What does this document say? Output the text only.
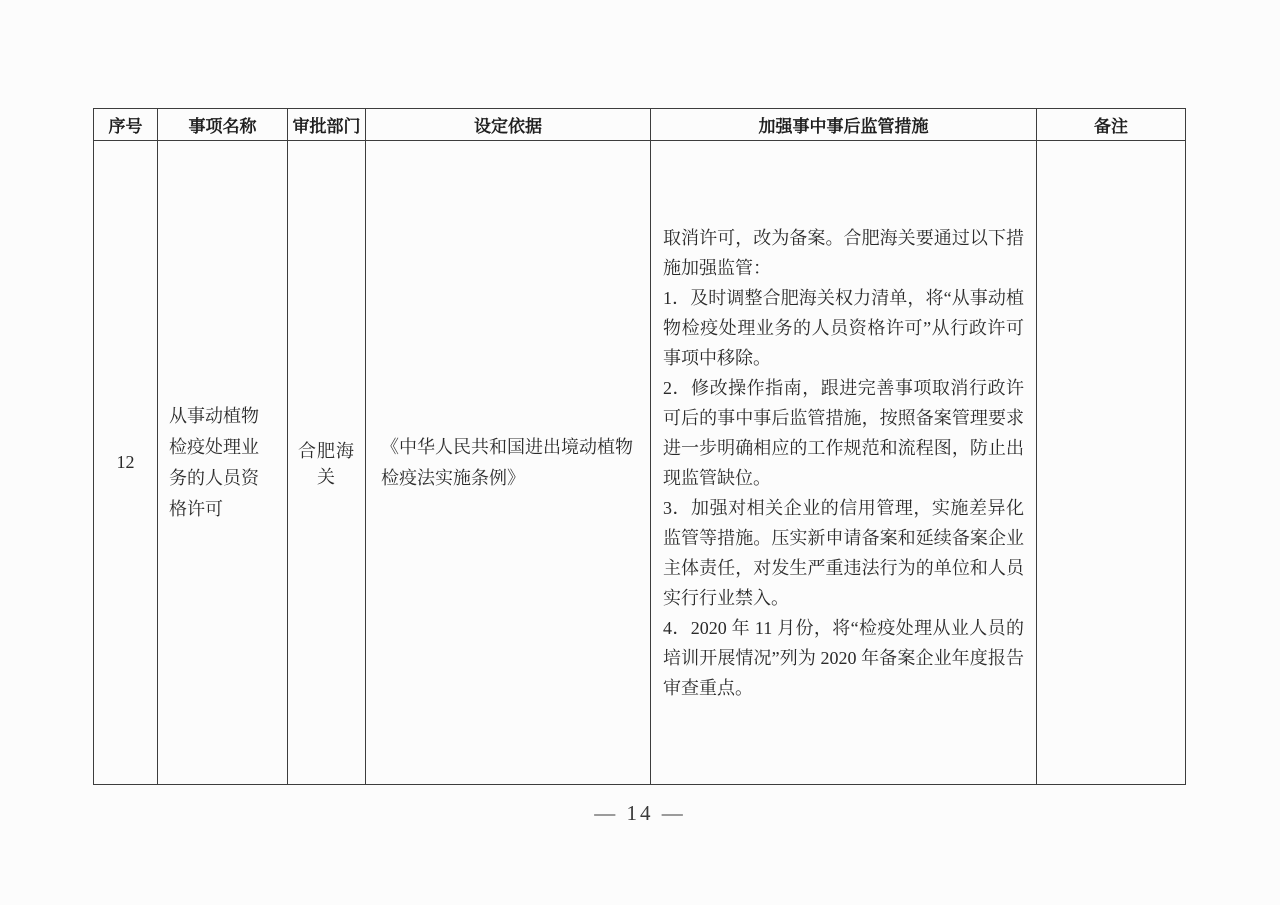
序号	事项名称	审批部门	设定依据	加强事中事后监管措施	备注
12	从事动植物检疫处理业务的人员资格许可	合肥海关	《中华人民共和国进出境动植物检疫法实施条例》	取消许可，改为备案。合肥海关要通过以下措施加强监管：

1．及时调整合肥海关权力清单，将“从事动植物检疫处理业务的人员资格许可”从行政许可事项中移除。

2．修改操作指南，跟进完善事项取消行政许可后的事中事后监管措施，按照备案管理要求进一步明确相应的工作规范和流程图，防止出现监管缺位。

3．加强对相关企业的信用管理，实施差异化监管等措施。压实新申请备案和延续备案企业主体责任，对发生严重违法行为的单位和人员实行行业禁入。

4．2020 年 11 月份，将“检疫处理从业人员的培训开展情况”列为 2020 年备案企业年度报告审查重点。	

— 14 —
